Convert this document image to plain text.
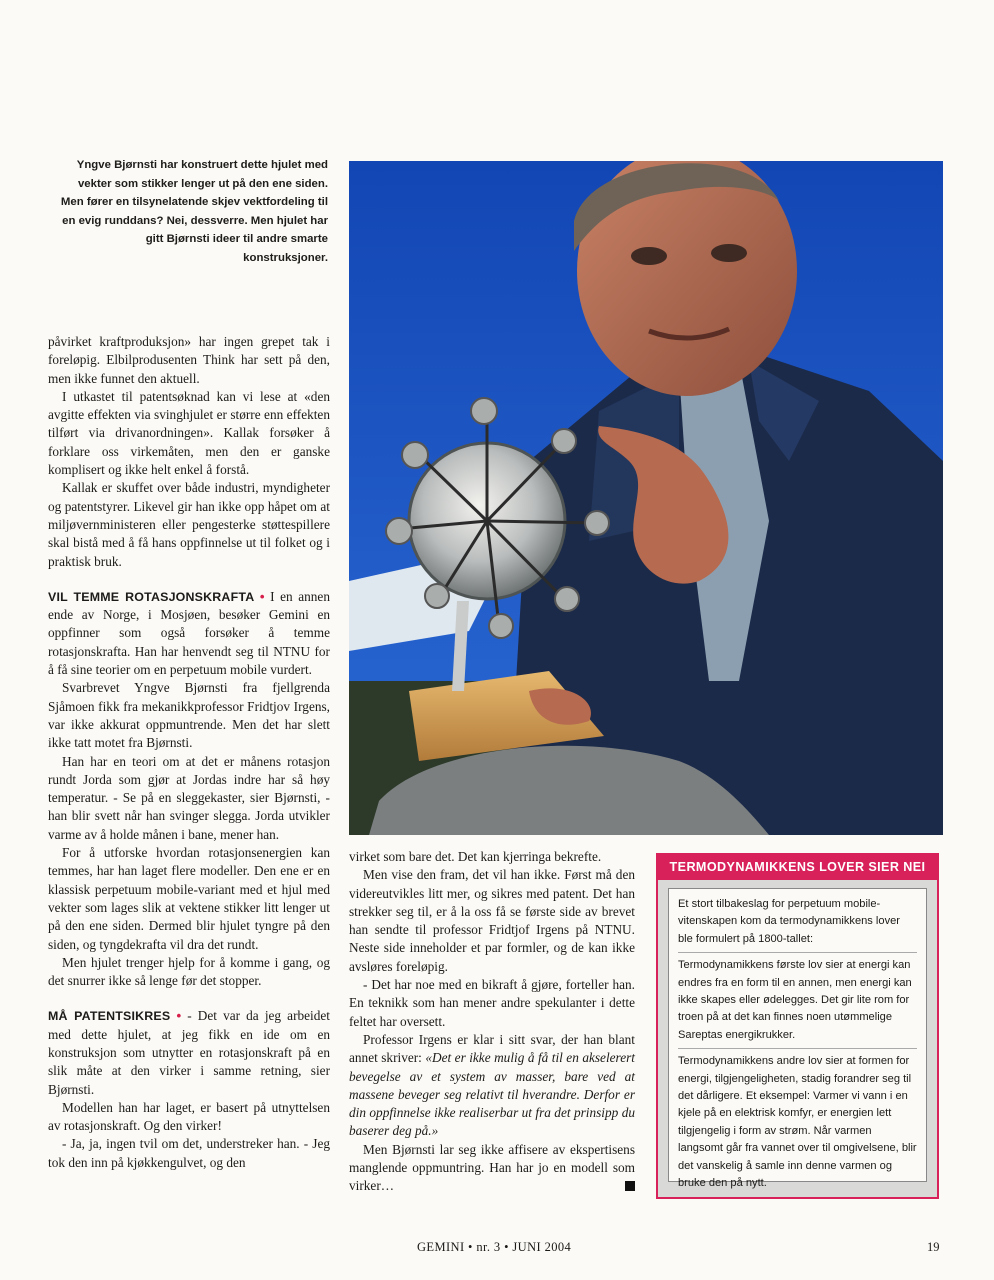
Yngve Bjørnsti har konstruert dette hjulet med vekter som stikker lenger ut på den ene siden. Men fører en tilsynelatende skjev vektfordeling til en evig runddans? Nei, dessverre. Men hjulet har gitt Bjørnsti ideer til andre smarte konstruksjoner.

påvirket kraftproduksjon» har ingen grepet tak i foreløpig. Elbilprodusenten Think har sett på den, men ikke funnet den aktuell.

I utkastet til patentsøknad kan vi lese at «den avgitte effekten via svinghjulet er større enn effekten tilført via drivanordningen». Kallak forsøker å forklare oss virkemåten, men den er ganske komplisert og ikke helt enkel å forstå.

Kallak er skuffet over både industri, myndigheter og patentstyrer. Likevel gir han ikke opp håpet om at miljøvernministeren eller pengesterke støttespillere skal bistå med å få hans oppfinnelse ut til folket og i praktisk bruk.

VIL TEMME ROTASJONSKRAFTA • I en annen ende av Norge, i Mosjøen, besøker Gemini en oppfinner som også forsøker å temme rotasjonskrafta. Han har henvendt seg til NTNU for å få sine teorier om en perpetuum mobile vurdert.

Svarbrevet Yngve Bjørnsti fra fjellgrenda Sjåmoen fikk fra mekanikkprofessor Fridtjov Irgens, var ikke akkurat oppmuntrende. Men det har slett ikke tatt motet fra Bjørnsti.

Han har en teori om at det er månens rotasjon rundt Jorda som gjør at Jordas indre har så høy temperatur. - Se på en sleggekaster, sier Bjørnsti, - han blir svett når han svinger slegga. Jorda utvikler varme av å holde månen i bane, mener han.

For å utforske hvordan rotasjonsenergien kan temmes, har han laget flere modeller. Den ene er en klassisk perpetuum mobile-variant med et hjul med vekter som lages slik at vektene stikker litt lenger ut på den ene siden. Dermed blir hjulet tyngre på den siden, og tyngdekrafta vil dra det rundt.

Men hjulet trenger hjelp for å komme i gang, og det snurrer ikke så lenge før det stopper.

MÅ PATENTSIKRES • - Det var da jeg arbeidet med dette hjulet, at jeg fikk en ide om en konstruksjon som utnytter en rotasjonskraft på en slik måte at den virker i samme retning, sier Bjørnsti.

Modellen han har laget, er basert på utnyttelsen av rotasjonskraft. Og den virker!

- Ja, ja, ingen tvil om det, understreker han. - Jeg tok den inn på kjøkkengulvet, og den

virket som bare det. Det kan kjerringa bekrefte.

Men vise den fram, det vil han ikke. Først må den videreutvikles litt mer, og sikres med patent. Det han strekker seg til, er å la oss få se første side av brevet han sendte til professor Fridtjof Irgens på NTNU. Neste side inneholder et par formler, og de kan ikke avsløres foreløpig.

- Det har noe med en bikraft å gjøre, forteller han. En teknikk som han mener andre spekulanter i dette feltet har oversett.

Professor Irgens er klar i sitt svar, der han blant annet skriver: «Det er ikke mulig å få til en akselerert bevegelse av et system av masser, bare ved at massene beveger seg relativt til hverandre. Derfor er din oppfinnelse ikke realiserbar ut fra det prinsipp du baserer deg på.»

Men Bjørnsti lar seg ikke affisere av ekspertisens manglende oppmuntring. Han har jo en modell som virker…

TERMODYNAMIKKENS LOVER SIER NEI

Et stort tilbakeslag for perpetuum mobile-vitenskapen kom da termodynamikkens lover ble formulert på 1800-tallet:

Termodynamikkens første lov sier at energi kan endres fra en form til en annen, men energi kan ikke skapes eller ødelegges. Det gir lite rom for troen på at det kan finnes noen utømmelige Sareptas energikrukker.

Termodynamikkens andre lov sier at formen for energi, tilgjengeligheten, stadig forandrer seg til det dårligere. Et eksempel: Varmer vi vann i en kjele på en elektrisk komfyr, er energien lett tilgjengelig i form av strøm. Når varmen langsomt går fra vannet over til omgivelsene, blir det vanskelig å samle inn denne varmen og bruke den på nytt.

GEMINI • nr. 3 • JUNI 2004	19
